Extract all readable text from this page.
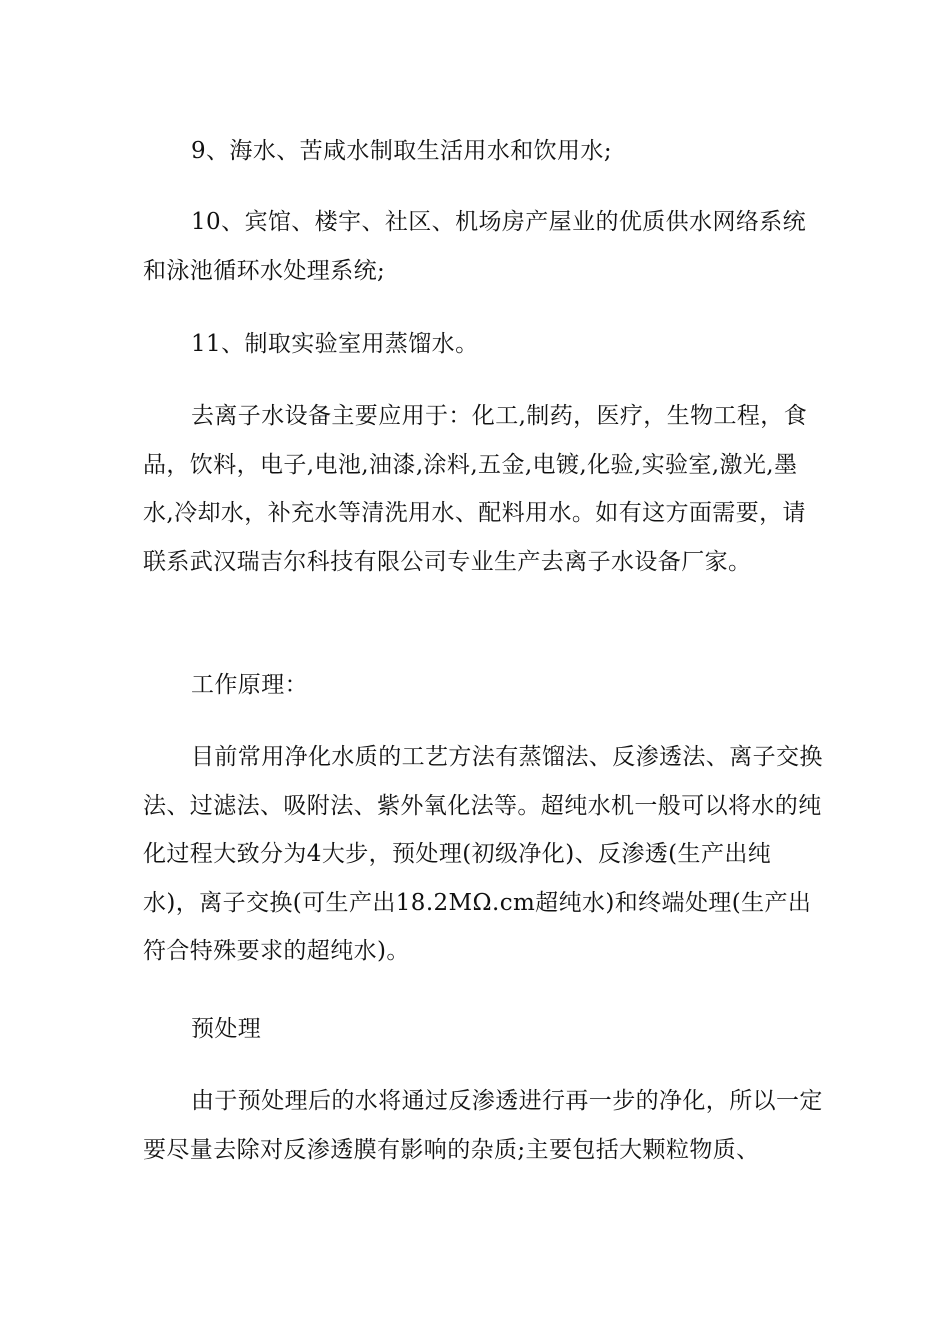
9、海水、苦咸水制取生活用水和饮用水;

10、宾馆、楼宇、社区、机场房产屋业的优质供水网络系统和泳池循环水处理系统;

11、制取实验室用蒸馏水。

去离子水设备主要应用于：化工,制药，医疗，生物工程，食品，饮料，电子,电池,油漆,涂料,五金,电镀,化验,实验室,激光,墨水,冷却水，补充水等清洗用水、配料用水。如有这方面需要，请联系武汉瑞吉尔科技有限公司专业生产去离子水设备厂家。

工作原理：

目前常用净化水质的工艺方法有蒸馏法、反渗透法、离子交换法、过滤法、吸附法、紫外氧化法等。超纯水机一般可以将水的纯化过程大致分为4大步，预处理(初级净化)、反渗透(生产出纯水)，离子交换(可生产出18.2MΩ.cm超纯水)和终端处理(生产出符合特殊要求的超纯水)。

预处理

由于预处理后的水将通过反渗透进行再一步的净化，所以一定要尽量去除对反渗透膜有影响的杂质;主要包括大颗粒物质、
